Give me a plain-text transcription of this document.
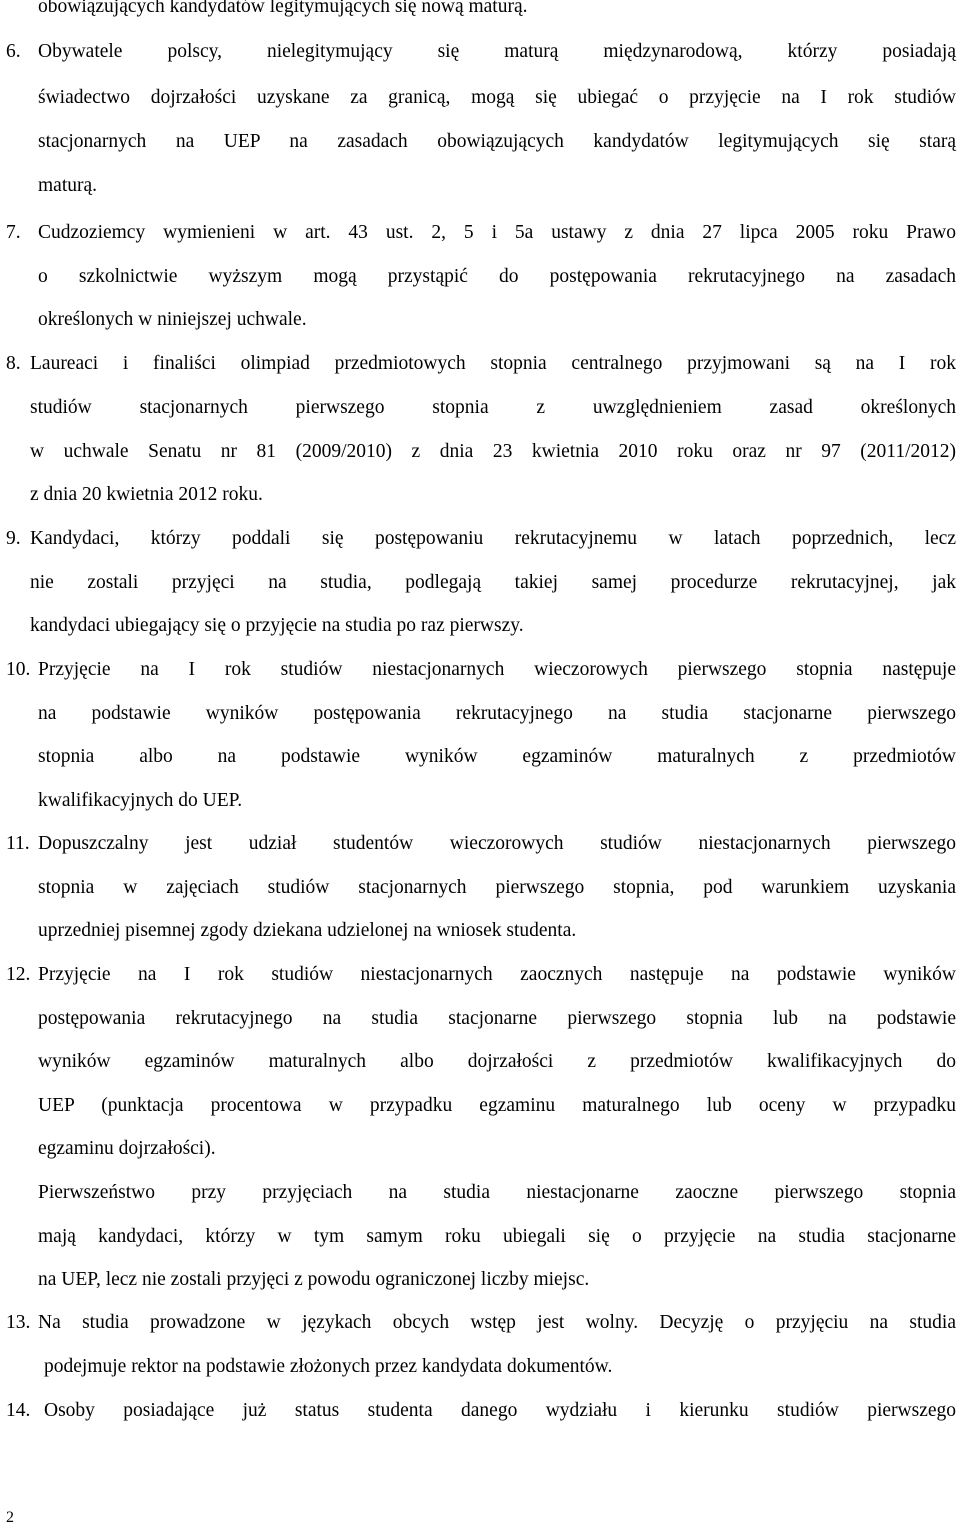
obowiązujących kandydatów legitymujących się nową maturą.
6. Obywatele polscy, nielegitymujący się maturą międzynarodową, którzy posiadają
świadectwo dojrzałości uzyskane za granicą, mogą się ubiegać o przyjęcie na I rok studiów
stacjonarnych na UEP na zasadach obowiązujących kandydatów legitymujących się starą
maturą.
7. Cudzoziemcy wymienieni w art. 43 ust. 2, 5 i 5a ustawy z dnia 27 lipca 2005 roku Prawo
o szkolnictwie wyższym mogą przystąpić do postępowania rekrutacyjnego na zasadach
określonych w niniejszej uchwale.
8. Laureaci i finaliści olimpiad przedmiotowych stopnia centralnego przyjmowani są na I rok
studiów stacjonarnych pierwszego stopnia z uwzględnieniem zasad określonych
w uchwale Senatu nr 81 (2009/2010) z dnia 23 kwietnia 2010 roku oraz nr 97 (2011/2012)
z dnia 20 kwietnia 2012 roku.
9. Kandydaci, którzy poddali się postępowaniu rekrutacyjnemu w latach poprzednich, lecz
nie zostali przyjęci na studia, podlegają takiej samej procedurze rekrutacyjnej, jak
kandydaci ubiegający się o przyjęcie na studia po raz pierwszy.
10. Przyjęcie na I rok studiów niestacjonarnych wieczorowych pierwszego stopnia następuje
na podstawie wyników postępowania rekrutacyjnego na studia stacjonarne pierwszego
stopnia albo na podstawie wyników egzaminów maturalnych z przedmiotów
kwalifikacyjnych do UEP.
11. Dopuszczalny jest udział studentów wieczorowych studiów niestacjonarnych pierwszego
stopnia w zajęciach studiów stacjonarnych pierwszego stopnia, pod warunkiem uzyskania
uprzedniej pisemnej zgody dziekana udzielonej na wniosek studenta.
12. Przyjęcie na I rok studiów niestacjonarnych zaocznych następuje na podstawie wyników
postępowania rekrutacyjnego na studia stacjonarne pierwszego stopnia lub na podstawie
wyników egzaminów maturalnych albo dojrzałości z przedmiotów kwalifikacyjnych do
UEP (punktacja procentowa w przypadku egzaminu maturalnego lub oceny w przypadku
egzaminu dojrzałości).
Pierwszeństwo przy przyjęciach na studia niestacjonarne zaoczne pierwszego stopnia
mają kandydaci, którzy w tym samym roku ubiegali się o przyjęcie na studia stacjonarne
na UEP, lecz nie zostali przyjęci z powodu ograniczonej liczby miejsc.
13. Na studia prowadzone w językach obcych wstęp jest wolny. Decyzję o przyjęciu na studia
podejmuje rektor na podstawie złożonych przez kandydata dokumentów.
14. Osoby posiadające już status studenta danego wydziału i kierunku studiów pierwszego
2
